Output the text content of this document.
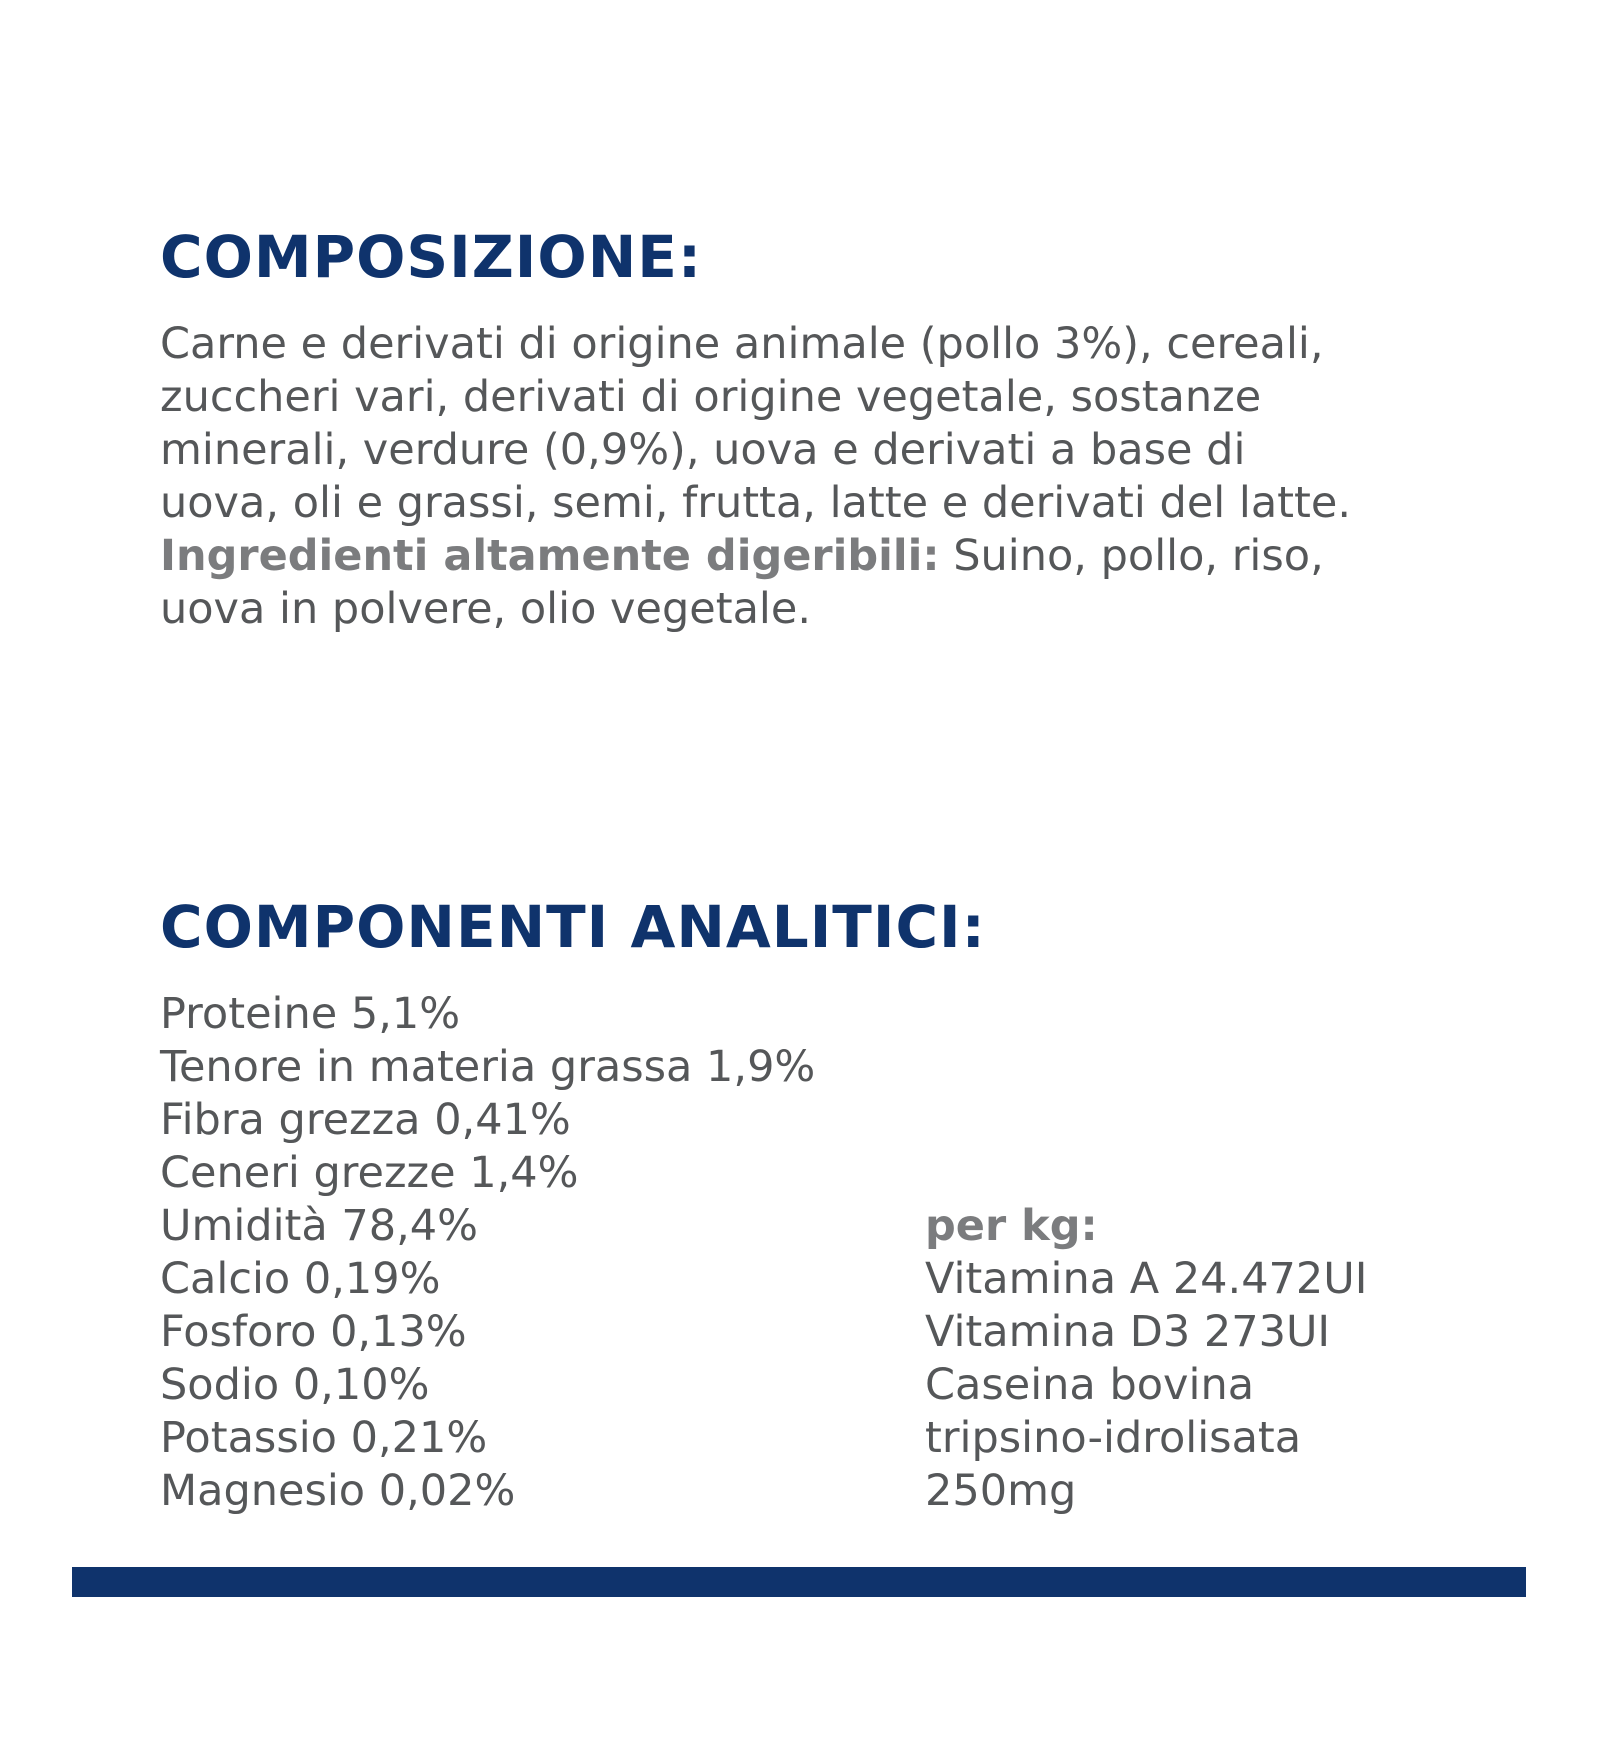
COMPOSIZIONE:

Carne e derivati di origine animale (pollo 3%), cereali,
zuccheri vari, derivati di origine vegetale, sostanze
minerali, verdure (0,9%), uova e derivati a base di
uova, oli e grassi, semi, frutta, latte e derivati del latte.
Ingredienti altamente digeribili: Suino, pollo, riso,
uova in polvere, olio vegetale.

COMPONENTI ANALITICI:
Proteine 5,1%
Tenore in materia grassa 1,9%
Fibra grezza 0,41%
Ceneri grezze 1,4%
Umidità 78,4%
Calcio 0,19%
Fosforo 0,13%
Sodio 0,10%
Potassio 0,21%
Magnesio 0,02%
per kg:
Vitamina A 24.472UI
Vitamina D3 273UI
Caseina bovina
tripsino-idrolisata
250mg
